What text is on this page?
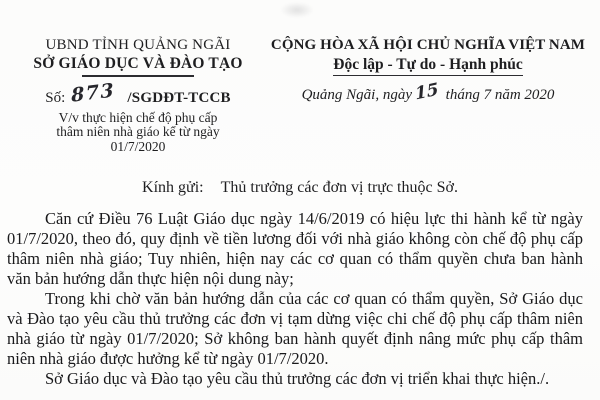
UBND TỈNH QUẢNG NGÃI
SỞ GIÁO DỤC VÀ ĐÀO TẠO
Số: 873 /SGDĐT-TCCB
V/v thực hiện chế độ phụ cấp
thâm niên nhà giáo kể từ ngày
01/7/2020
CỘNG HÒA XÃ HỘI CHỦ NGHĨA VIỆT NAM
Độc lập - Tự do - Hạnh phúc
Quảng Ngãi, ngày 15 tháng 7 năm 2020
Kính gửi: Thủ trưởng các đơn vị trực thuộc Sở.

Căn cứ Điều 76 Luật Giáo dục ngày 14/6/2019 có hiệu lực thi hành kể từ ngày 01/7/2020, theo đó, quy định về tiền lương đối với nhà giáo không còn chế độ phụ cấp thâm niên nhà giáo; Tuy nhiên, hiện nay các cơ quan có thẩm quyền chưa ban hành văn bản hướng dẫn thực hiện nội dung này;

Trong khi chờ văn bản hướng dẫn của các cơ quan có thẩm quyền, Sở Giáo dục và Đào tạo yêu cầu thủ trưởng các đơn vị tạm dừng việc chi chế độ phụ cấp thâm niên nhà giáo từ ngày 01/7/2020; Sở không ban hành quyết định nâng mức phụ cấp thâm niên nhà giáo được hưởng kể từ ngày 01/7/2020.

Sở Giáo dục và Đào tạo yêu cầu thủ trưởng các đơn vị triển khai thực hiện./.
